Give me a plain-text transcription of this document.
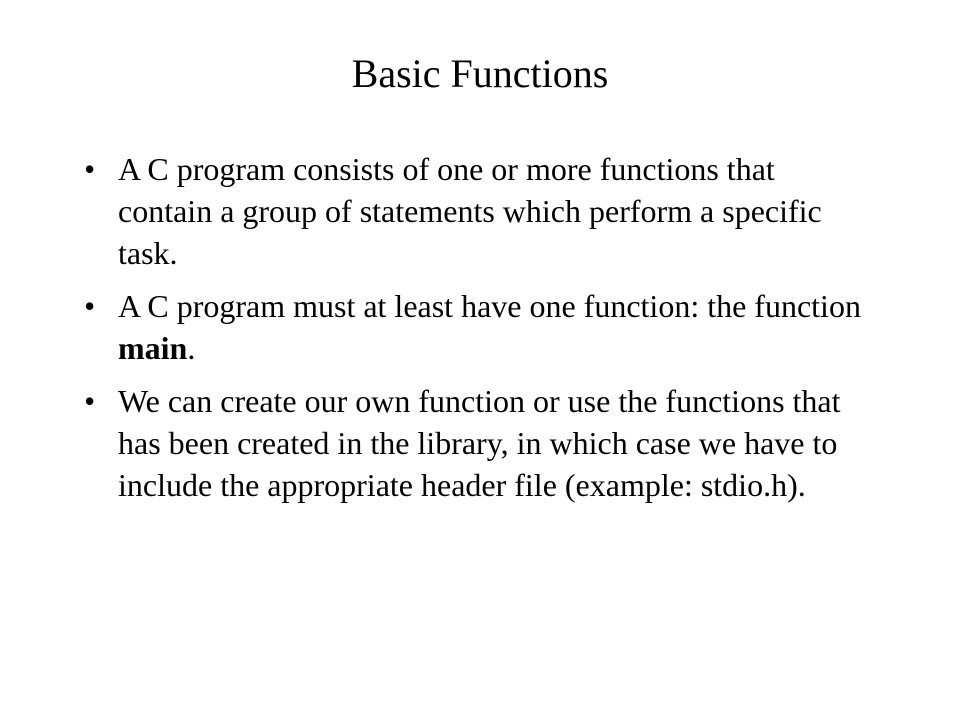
Basic Functions
• A C program consists of one or more functions that contain a group of statements which perform a specific task.
• A C program must at least have one function: the function main.
• We can create our own function or use the functions that has been created in the library, in which case we have to include the appropriate header file (example: stdio.h).
